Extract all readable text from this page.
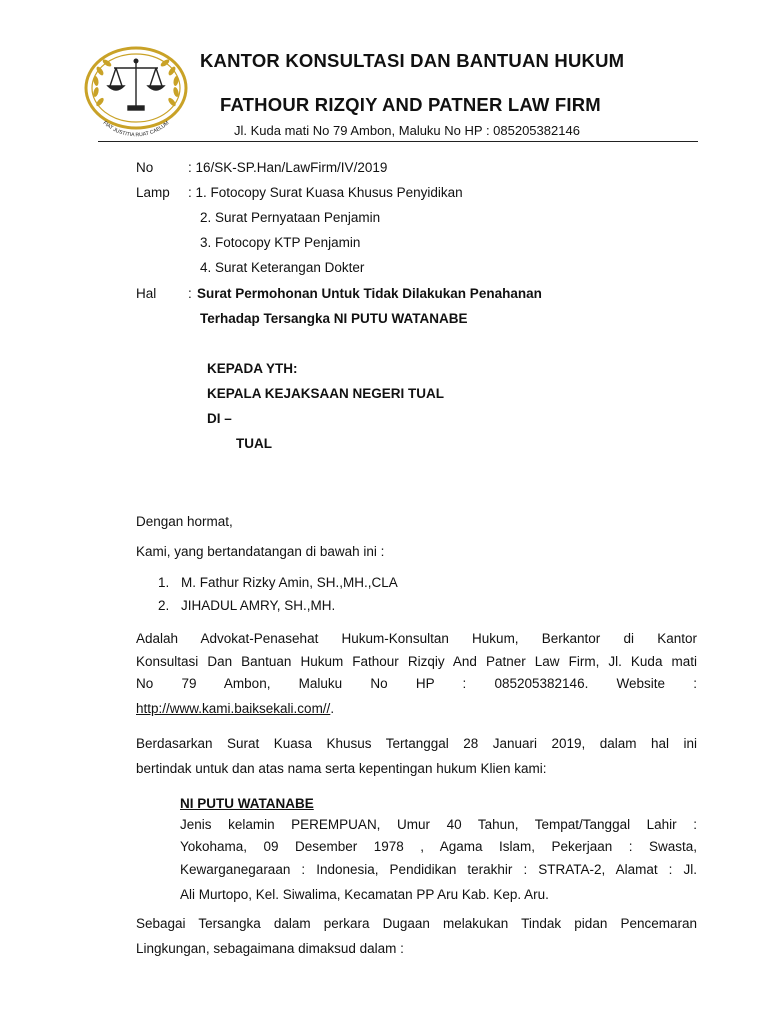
FIAT JUSTITIA RUAT CAELUM
KANTOR KONSULTASI DAN BANTUAN HUKUM
FATHOUR RIZQIY AND PATNER LAW FIRM
Jl. Kuda mati No 79 Ambon, Maluku No HP : 085205382146
No	: 16/SK-SP.Han/LawFirm/IV/2019
Lamp : 1. Fotocopy Surat Kuasa Khusus Penyidikan
2. Surat Pernyataan Penjamin
3. Fotocopy KTP Penjamin
4. Surat Keterangan Dokter
Hal : Surat Permohonan Untuk Tidak Dilakukan Penahanan
Terhadap Tersangka NI PUTU WATANABE
KEPADA YTH:
KEPALA KEJAKSAAN NEGERI TUAL
DI –
TUAL
Dengan hormat,
Kami, yang bertandatangan di bawah ini :
1. M. Fathur Rizky Amin, SH.,MH.,CLA
2. JIHADUL AMRY, SH.,MH.
Adalah Advokat-Penasehat Hukum-Konsultan Hukum, Berkantor di Kantor
Konsultasi Dan Bantuan Hukum Fathour Rizqiy And Patner Law Firm, Jl. Kuda mati
No 79 Ambon, Maluku No HP : 085205382146. Website :
http://www.kami.baiksekali.com//.
Berdasarkan Surat Kuasa Khusus Tertanggal 28 Januari 2019, dalam hal ini
bertindak untuk dan atas nama serta kepentingan hukum Klien kami:
NI PUTU WATANABE
Jenis kelamin PEREMPUAN, Umur 40 Tahun, Tempat/Tanggal Lahir :
Yokohama, 09 Desember 1978 , Agama Islam, Pekerjaan : Swasta,
Kewarganegaraan : Indonesia, Pendidikan terakhir : STRATA-2, Alamat : Jl.
Ali Murtopo, Kel. Siwalima, Kecamatan PP Aru Kab. Kep. Aru.
Sebagai Tersangka dalam perkara Dugaan melakukan Tindak pidan Pencemaran
Lingkungan, sebagaimana dimaksud dalam :
